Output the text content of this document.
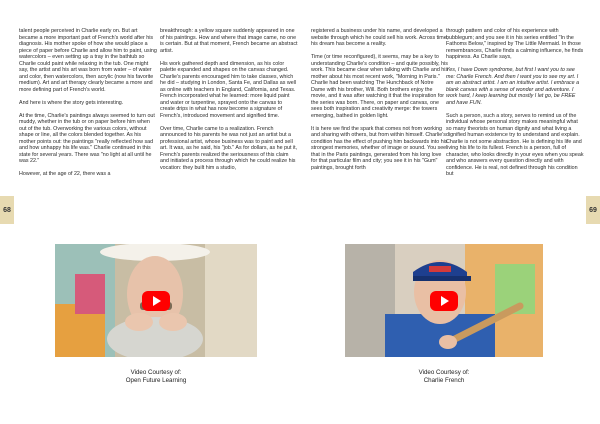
talent people perceived in Charlie early on. But art became a more important part of French's world after his diagnosis. His mother spoke of how she would place a piece of paper before Charlie and allow him to paint, using watercolors – even setting up a tray in the bathtub so Charlie could paint while relaxing in the tub. One might say, the artist and his art was born from water – of water and color, then watercolors, then acrylic (now his favorite medium). Art and art therapy clearly became a more and more defining part of French's world.

And here is where the story gets interesting.

At the time, Charlie's paintings always seemed to turn out muddy, whether in the tub or on paper before him when out of the tub. Overworking the various colors, without shape or line, all the colors blended together. As his mother points out: the paintings "really reflected how sad and how unhappy his life was." Charlie continued in this state for several years. There was "no light at all until he was 22."

However, at the age of 22, there was a

breakthrough: a yellow square suddenly appeared in one of his paintings. How and where that image came, no one is certain. But at that moment, French became an abstract artist.

His work gathered depth and dimension, as his color palette expanded and shapes on the canvas changed. Charlie's parents encouraged him to take classes, which he did – studying in London, Santa Fe, and Dallas as well as online with teachers in England, California, and Texas. French incorporated what he learned: more liquid paint and water or turpentine, sprayed onto the canvas to create drips in what has now become a signature of French's, introduced movement and signified time.

Over time, Charlie came to a realization. French announced to his parents he was not just an artist but a professional artist, whose business was to paint and sell art. It was, as he said, his "job." As for dollars, as he put it, French's parents realized the seriousness of this claim and initiated a process through which he could realize his vocation: they built him a studio,

68
Video Courtesy of:
Open Future Learning

registered a business under his name, and developed a website through which he could sell his work. Across time, his dream has become a reality.

Time (or time reconfigured), it seems, may be a key to understanding Charlie's condition – and quite possibly, his work. This became clear when talking with Charlie and his mother about his most recent work, "Morning in Paris." Charlie had been watching The Hunchback of Notre Dame with his brother, Will. Both brothers enjoy the movie, and it was after watching it that the inspiration for the series was born. There, on paper and canvas, one sees both inspiration and creativity merge: the towers emerging, bathed in golden light.

It is here we find the spark that comes not from working and sharing with others, but from within himself. Charlie's condition has the effect of pushing him backwards into his strongest memories, whether of image or sound. You see that in the Paris paintings, generated from his long love for that particular film and city; you see it in his "Gum" paintings, brought forth

through pattern and color of his experience with bubblegum; and you see it in his series entitled "In the Fathoms Below," inspired by The Little Mermaid. In those remembrances, Charlie finds a calming influence, he finds happiness. As Charlie says,

Yes, I have Down syndrome, but first I want you to see me: Charlie French. And then I want you to see my art. I am an abstract artist. I am an intuitive artist. I embrace a blank canvas with a sense of wonder and adventure. I work hard, I keep learning but mostly I let go, be FREE and have FUN.

Such a person, such a story, serves to remind us of the individual whose personal story makes meaningful what so many theorists on human dignity and what living a dignified human existence try to understand and explain. Charlie is not some abstraction. He is defining his life and living his life to its fullest. French is a person, full of character, who looks directly in your eyes when you speak and who answers every question directly and with confidence. He is real, not defined through his condition but

69
Video Courtesy of:
Charlie French
